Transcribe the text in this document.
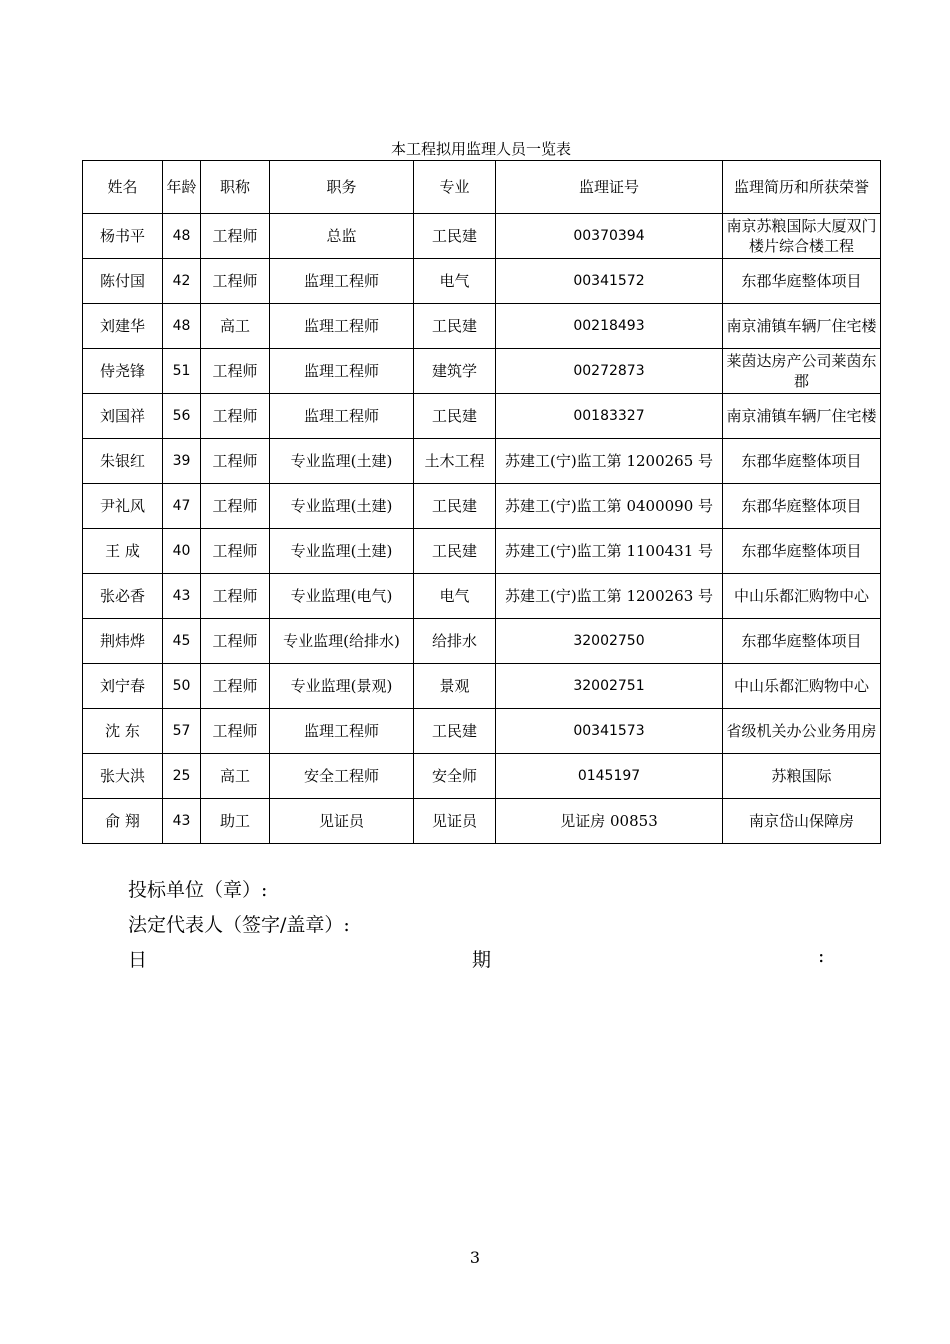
本工程拟用监理人员一览表
姓名	年龄	职称	职务	专业	监理证号	监理简历和所获荣誉
杨书平	48	工程师	总监	工民建	00370394	南京苏粮国际大厦双门楼片综合楼工程
陈付国	42	工程师	监理工程师	电气	00341572	东郡华庭整体项目
刘建华	48	高工	监理工程师	工民建	00218493	南京浦镇车辆厂住宅楼
侍尧锋	51	工程师	监理工程师	建筑学	00272873	莱茵达房产公司莱茵东郡
刘国祥	56	工程师	监理工程师	工民建	00183327	南京浦镇车辆厂住宅楼
朱银红	39	工程师	专业监理(土建)	土木工程	苏建工(宁)监工第 1200265 号	东郡华庭整体项目
尹礼风	47	工程师	专业监理(土建)	工民建	苏建工(宁)监工第 0400090 号	东郡华庭整体项目
王 成	40	工程师	专业监理(土建)	工民建	苏建工(宁)监工第 1100431 号	东郡华庭整体项目
张必香	43	工程师	专业监理(电气)	电气	苏建工(宁)监工第 1200263 号	中山乐都汇购物中心
荆炜烨	45	工程师	专业监理(给排水)	给排水	32002750	东郡华庭整体项目
刘宁春	50	工程师	专业监理(景观)	景观	32002751	中山乐都汇购物中心
沈 东	57	工程师	监理工程师	工民建	00341573	省级机关办公业务用房
张大洪	25	高工	安全工程师	安全师	0145197	苏粮国际
俞 翔	43	助工	见证员	见证员	见证房 00853	南京岱山保障房
投标单位（章）:
法定代表人（签字/盖章）:
日	期	:
3
